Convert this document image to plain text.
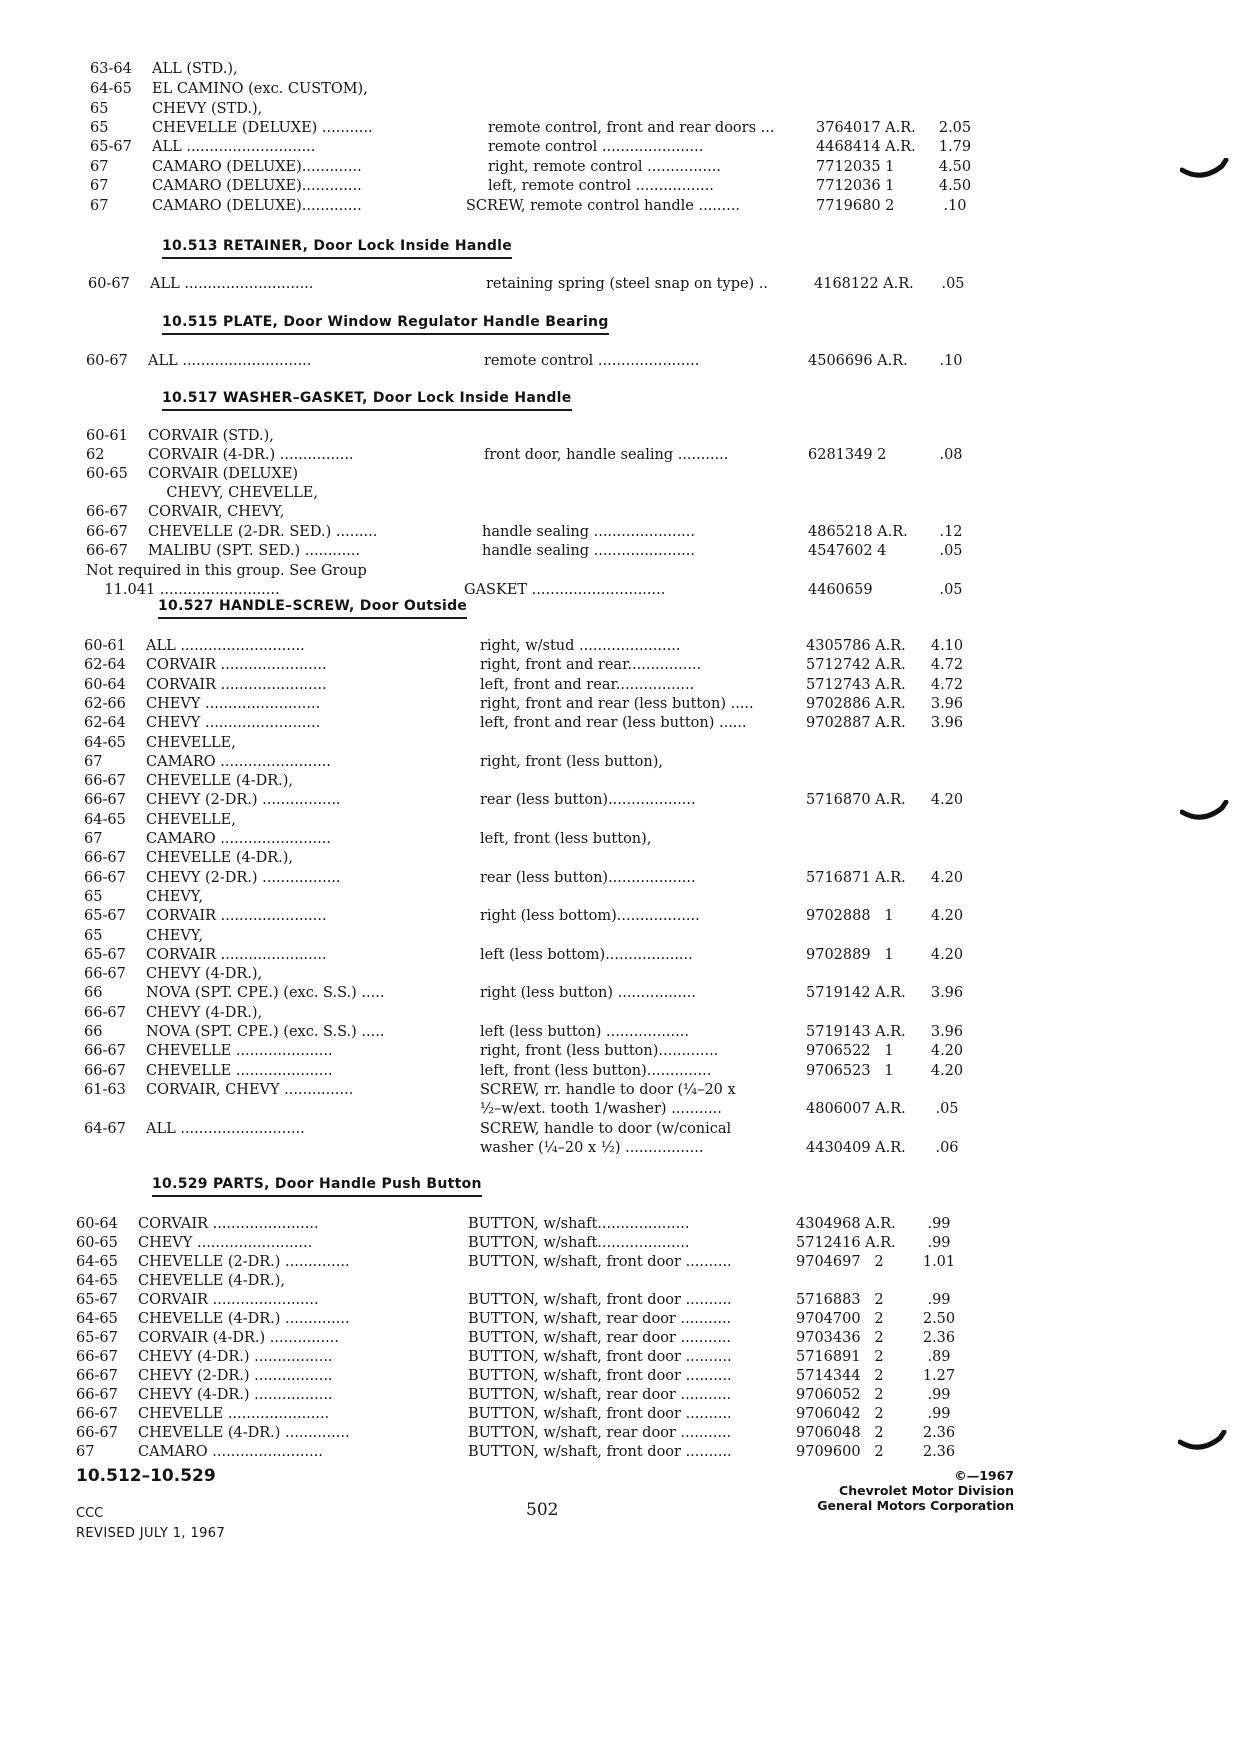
63-64	ALL (STD.),
64-65	EL CAMINO (exc. CUSTOM),
65	CHEVY (STD.),
65	CHEVELLE (DELUXE) ...........	remote control, front and rear doors ...	3764017 A.R.	2.05
65-67	ALL ............................	remote control ......................	4468414 A.R.	1.79
67	CAMARO (DELUXE).............	right, remote control ................	7712035 1	4.50
67	CAMARO (DELUXE).............	left, remote control .................	7712036 1	4.50
67	CAMARO (DELUXE).............	SCREW, remote control handle .........	7719680 2	.10
10.513 RETAINER, Door Lock Inside Handle
60-67	ALL ............................	retaining spring (steel snap on type) ..	4168122 A.R.	.05
10.515 PLATE, Door Window Regulator Handle Bearing
60-67	ALL ............................	remote control ......................	4506696 A.R.	.10
10.517 WASHER–GASKET, Door Lock Inside Handle
60-61	CORVAIR (STD.),
62	CORVAIR (4-DR.) ................	front door, handle sealing ...........	6281349 2	.08
60-65	CORVAIR (DELUXE)
CHEVY, CHEVELLE,
66-67	CORVAIR, CHEVY,
66-67	CHEVELLE (2-DR. SED.) .........	handle sealing ......................	4865218 A.R.	.12
66-67	MALIBU (SPT. SED.) ............	handle sealing ......................	4547602 4	.05
Not required in this group. See Group
11.041 ..........................	GASKET .............................	4460659	.05
10.527 HANDLE–SCREW, Door Outside
60-61	ALL ...........................	right, w/stud ......................	4305786 A.R.	4.10
62-64	CORVAIR .......................	right, front and rear................	5712742 A.R.	4.72
60-64	CORVAIR .......................	left, front and rear.................	5712743 A.R.	4.72
62-66	CHEVY .........................	right, front and rear (less button) .....	9702886 A.R.	3.96
62-64	CHEVY .........................	left, front and rear (less button) ......	9702887 A.R.	3.96
64-65	CHEVELLE,
67	CAMARO ........................	right, front (less button),
66-67	CHEVELLE (4-DR.),
66-67	CHEVY (2-DR.) .................	rear (less button)...................	5716870 A.R.	4.20
64-65	CHEVELLE,
67	CAMARO ........................	left, front (less button),
66-67	CHEVELLE (4-DR.),
66-67	CHEVY (2-DR.) .................	rear (less button)...................	5716871 A.R.	4.20
65	CHEVY,
65-67	CORVAIR .......................	right (less bottom)..................	9702888   1	4.20
65	CHEVY,
65-67	CORVAIR .......................	left (less bottom)...................	9702889   1	4.20
66-67	CHEVY (4-DR.),
66	NOVA (SPT. CPE.) (exc. S.S.) .....	right (less button) .................	5719142 A.R.	3.96
66-67	CHEVY (4-DR.),
66	NOVA (SPT. CPE.) (exc. S.S.) .....	left (less button) ..................	5719143 A.R.	3.96
66-67	CHEVELLE .....................	right, front (less button).............	9706522   1	4.20
66-67	CHEVELLE .....................	left, front (less button)..............	9706523   1	4.20
61-63	CORVAIR, CHEVY ...............	SCREW, rr. handle to door (¼–20 x
½–w/ext. tooth 1/washer) ...........	4806007 A.R.	.05
64-67	ALL ...........................	SCREW, handle to door (w/conical
washer (¼–20 x ½) .................	4430409 A.R.	.06
10.529 PARTS, Door Handle Push Button
60-64	CORVAIR .......................	BUTTON, w/shaft....................	4304968 A.R.	.99
60-65	CHEVY .........................	BUTTON, w/shaft....................	5712416 A.R.	.99
64-65	CHEVELLE (2-DR.) ..............	BUTTON, w/shaft, front door ..........	9704697   2	1.01
64-65	CHEVELLE (4-DR.),
65-67	CORVAIR .......................	BUTTON, w/shaft, front door ..........	5716883   2	.99
64-65	CHEVELLE (4-DR.) ..............	BUTTON, w/shaft, rear door ...........	9704700   2	2.50
65-67	CORVAIR (4-DR.) ...............	BUTTON, w/shaft, rear door ...........	9703436   2	2.36
66-67	CHEVY (4-DR.) .................	BUTTON, w/shaft, front door ..........	5716891   2	.89
66-67	CHEVY (2-DR.) .................	BUTTON, w/shaft, front door ..........	5714344   2	1.27
66-67	CHEVY (4-DR.) .................	BUTTON, w/shaft, rear door ...........	9706052   2	.99
66-67	CHEVELLE ......................	BUTTON, w/shaft, front door ..........	9706042   2	.99
66-67	CHEVELLE (4-DR.) ..............	BUTTON, w/shaft, rear door ...........	9706048   2	2.36
67	CAMARO ........................	BUTTON, w/shaft, front door ..........	9709600   2	2.36
10.512–10.529
CCC
REVISED JULY 1, 1967
502
©—1967
Chevrolet Motor Division
General Motors Corporation
